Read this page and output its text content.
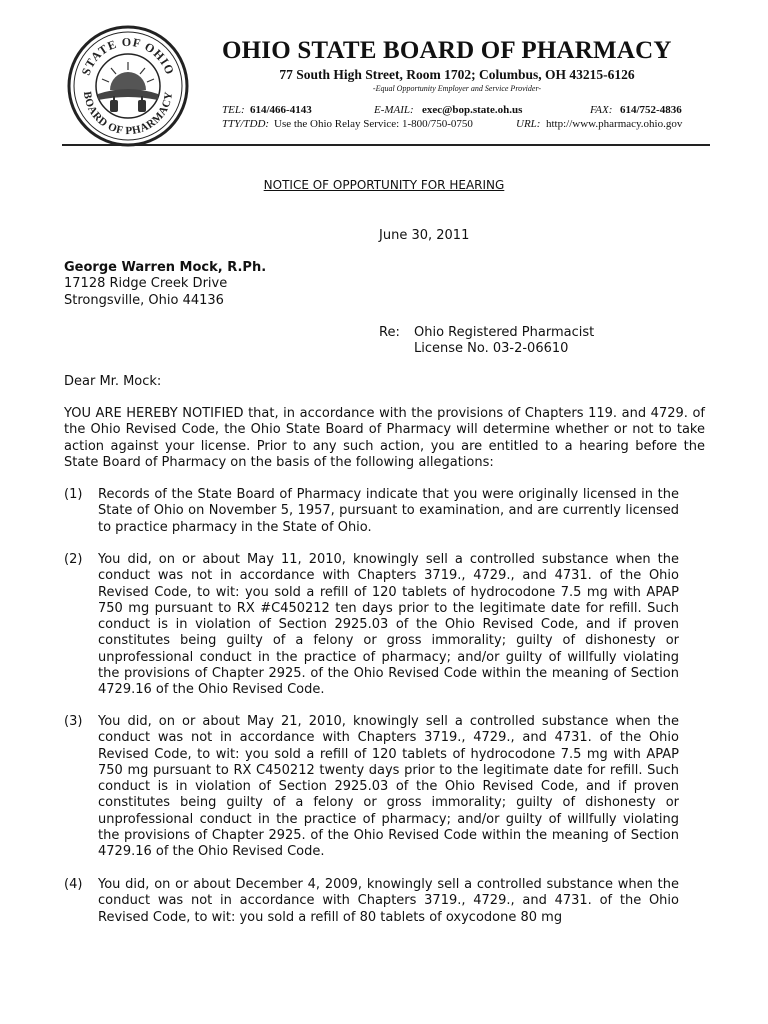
STATE OF OHIO
BOARD OF PHARMACY
OHIO STATE BOARD OF PHARMACY
77 South High Street, Room 1702; Columbus, OH 43215-6126
-Equal Opportunity Employer and Service Provider-
TEL: 614/466-4143	E-MAIL: exec@bop.state.oh.us	FAX: 614/752-4836
TTY/TDD: Use the Ohio Relay Service: 1-800/750-0750	URL: http://www.pharmacy.ohio.gov
NOTICE OF OPPORTUNITY FOR HEARING
June 30, 2011
George Warren Mock, R.Ph.
17128 Ridge Creek Drive
Strongsville, Ohio 44136
Re: Ohio Registered Pharmacist
License No. 03-2-06610
Dear Mr. Mock:
YOU ARE HEREBY NOTIFIED that, in accordance with the provisions of Chapters 119. and 4729. of the Ohio Revised Code, the Ohio State Board of Pharmacy will determine whether or not to take action against your license. Prior to any such action, you are entitled to a hearing before the State Board of Pharmacy on the basis of the following allegations:
(1) Records of the State Board of Pharmacy indicate that you were originally licensed in the State of Ohio on November 5, 1957, pursuant to examination, and are currently licensed to practice pharmacy in the State of Ohio.
(2) You did, on or about May 11, 2010, knowingly sell a controlled substance when the conduct was not in accordance with Chapters 3719., 4729., and 4731. of the Ohio Revised Code, to wit: you sold a refill of 120 tablets of hydrocodone 7.5 mg with APAP 750 mg pursuant to RX #C450212 ten days prior to the legitimate date for refill. Such conduct is in violation of Section 2925.03 of the Ohio Revised Code, and if proven constitutes being guilty of a felony or gross immorality; guilty of dishonesty or unprofessional conduct in the practice of pharmacy; and/or guilty of willfully violating the provisions of Chapter 2925. of the Ohio Revised Code within the meaning of Section 4729.16 of the Ohio Revised Code.
(3) You did, on or about May 21, 2010, knowingly sell a controlled substance when the conduct was not in accordance with Chapters 3719., 4729., and 4731. of the Ohio Revised Code, to wit: you sold a refill of 120 tablets of hydrocodone 7.5 mg with APAP 750 mg pursuant to RX C450212 twenty days prior to the legitimate date for refill. Such conduct is in violation of Section 2925.03 of the Ohio Revised Code, and if proven constitutes being guilty of a felony or gross immorality; guilty of dishonesty or unprofessional conduct in the practice of pharmacy; and/or guilty of willfully violating the provisions of Chapter 2925. of the Ohio Revised Code within the meaning of Section 4729.16 of the Ohio Revised Code.
(4) You did, on or about December 4, 2009, knowingly sell a controlled substance when the conduct was not in accordance with Chapters 3719., 4729., and 4731. of the Ohio Revised Code, to wit: you sold a refill of 80 tablets of oxycodone 80 mg
